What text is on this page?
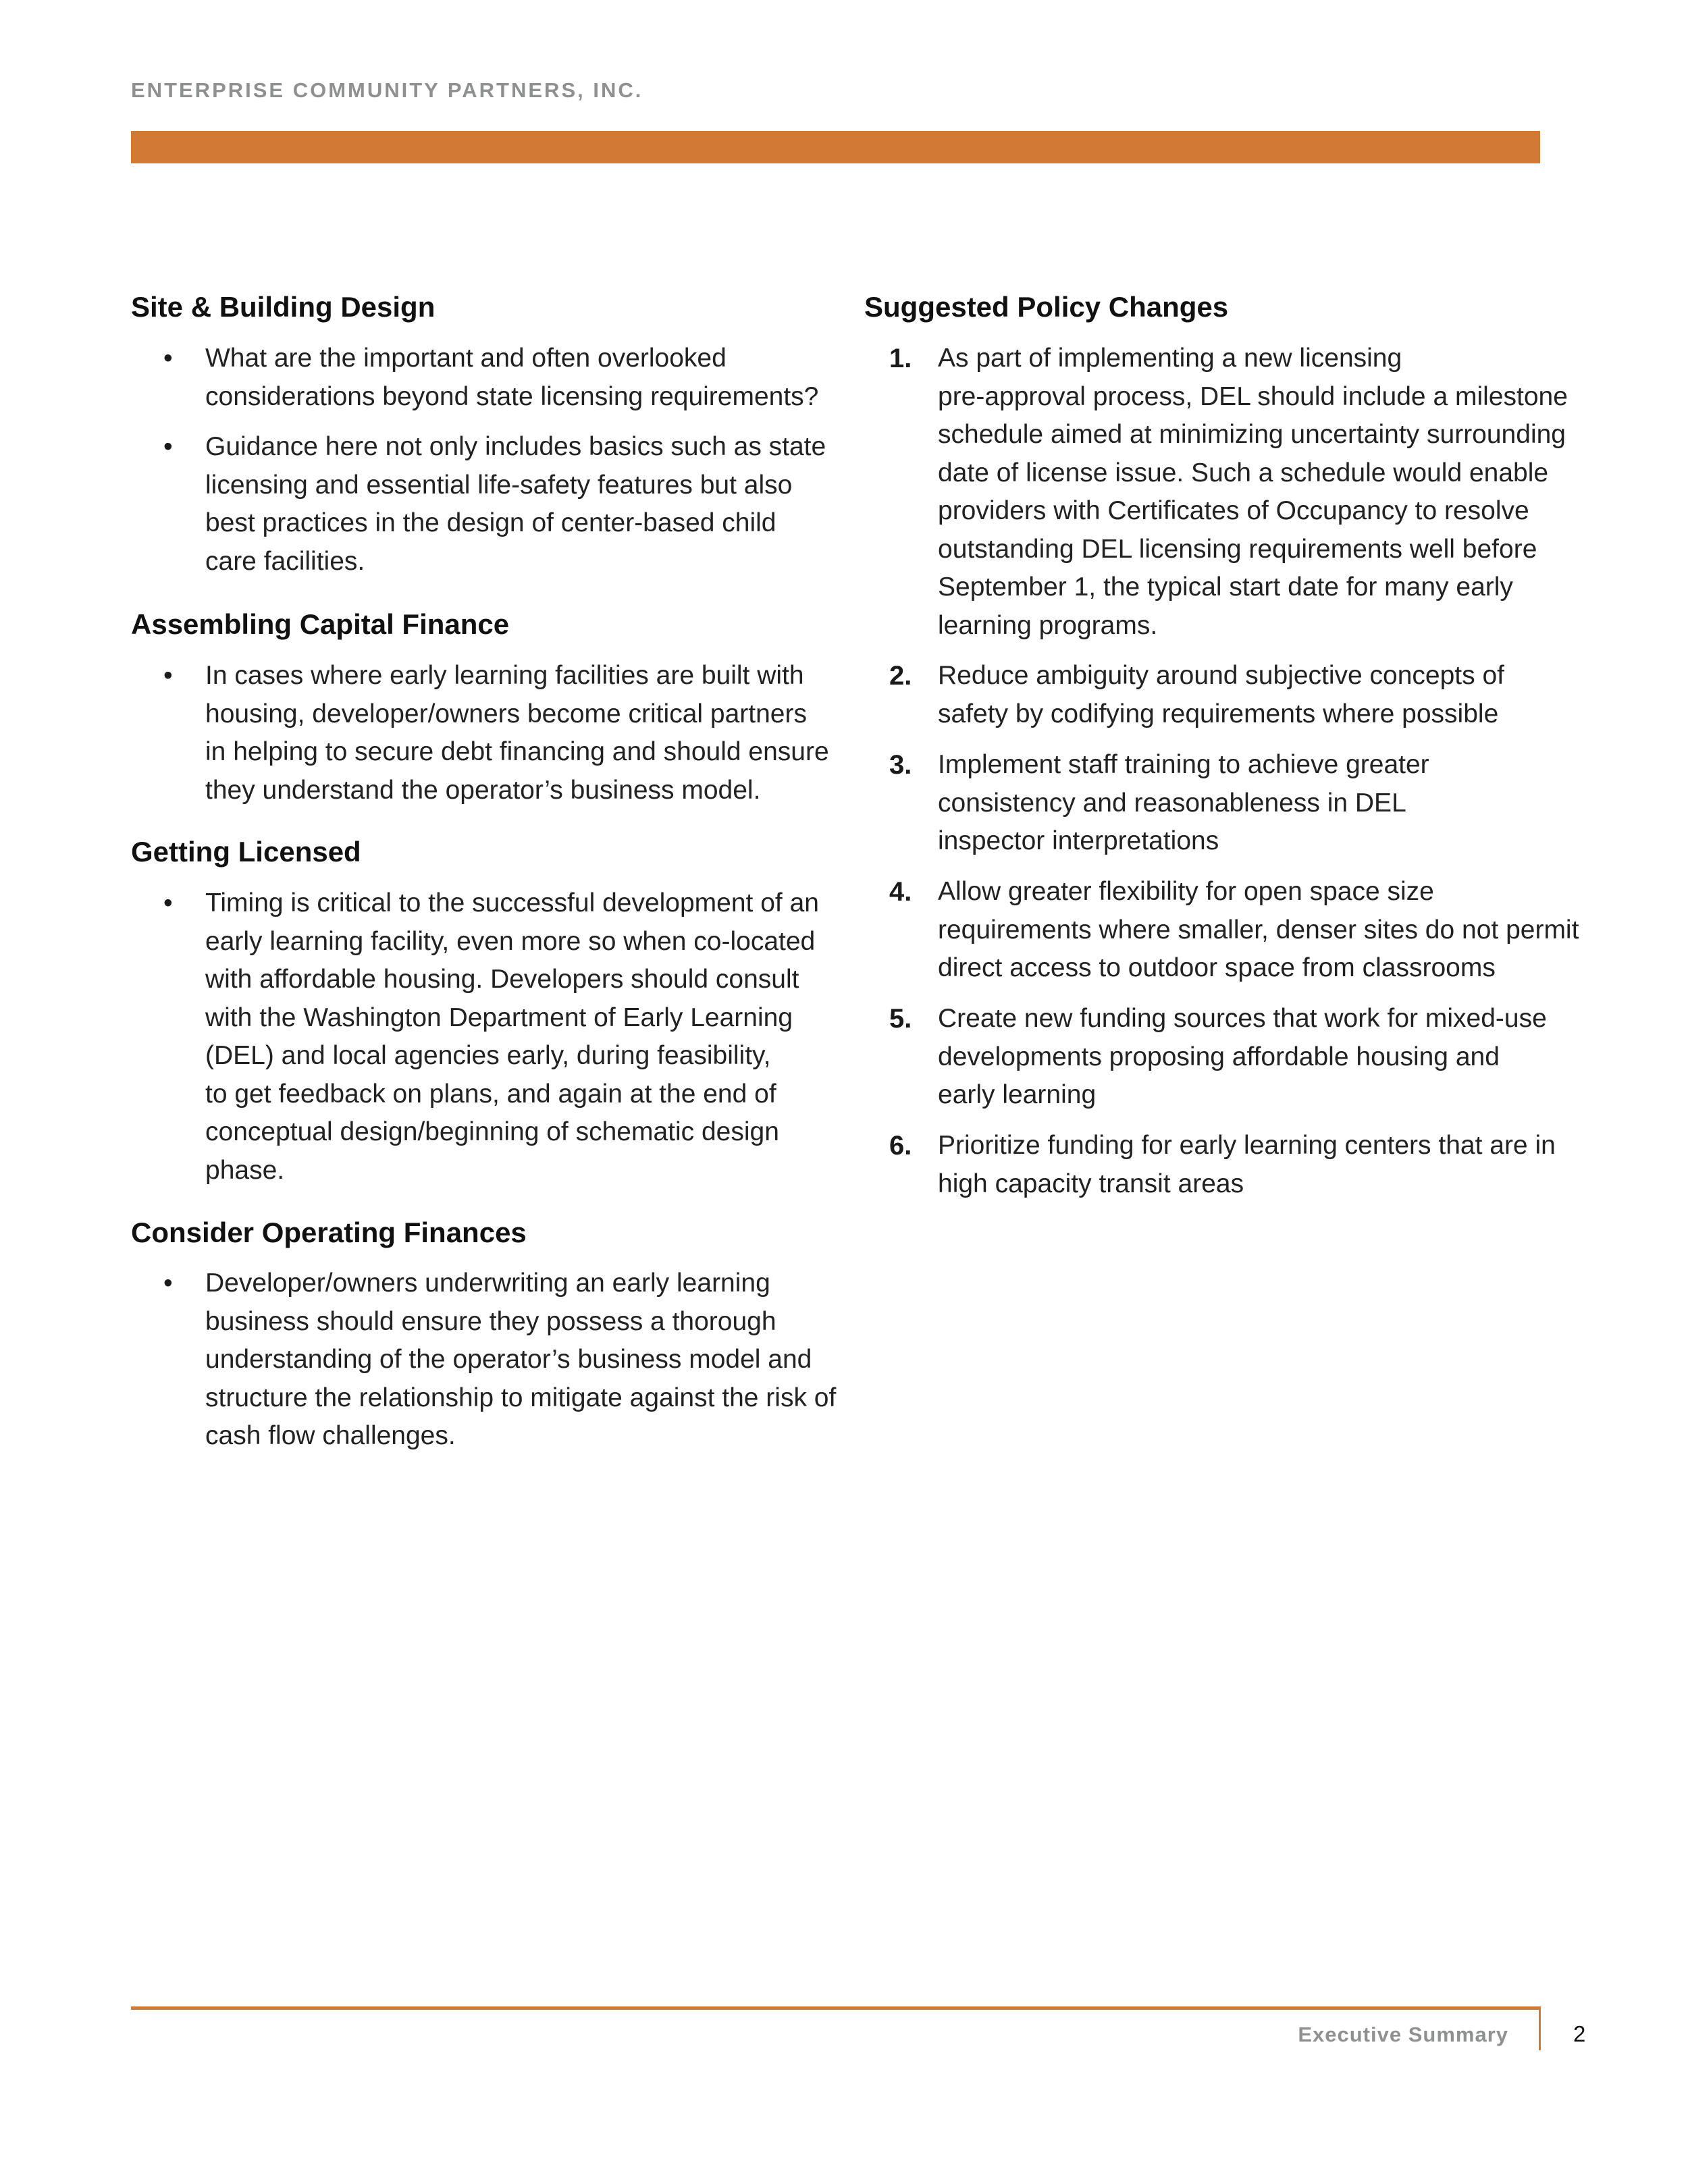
ENTERPRISE COMMUNITY PARTNERS, INC.
Site & Building Design
• What are the important and often overlooked
considerations beyond state licensing requirements?
• Guidance here not only includes basics such as state
licensing and essential life-safety features but also
best practices in the design of center-based child
care facilities.
Assembling Capital Finance
• In cases where early learning facilities are built with
housing, developer/owners become critical partners
in helping to secure debt financing and should ensure
they understand the operator’s business model.
Getting Licensed
• Timing is critical to the successful development of an
early learning facility, even more so when co-located
with affordable housing. Developers should consult
with the Washington Department of Early Learning
(DEL) and local agencies early, during feasibility,
to get feedback on plans, and again at the end of
conceptual design/beginning of schematic design
phase.
Consider Operating Finances
• Developer/owners underwriting an early learning
business should ensure they possess a thorough
understanding of the operator’s business model and
structure the relationship to mitigate against the risk of
cash flow challenges.
Suggested Policy Changes
1. As part of implementing a new licensing
pre-approval process, DEL should include a milestone
schedule aimed at minimizing uncertainty surrounding
date of license issue. Such a schedule would enable
providers with Certificates of Occupancy to resolve
outstanding DEL licensing requirements well before
September 1, the typical start date for many early
learning programs.
2. Reduce ambiguity around subjective concepts of
safety by codifying requirements where possible
3. Implement staff training to achieve greater
consistency and reasonableness in DEL
inspector interpretations
4. Allow greater flexibility for open space size
requirements where smaller, denser sites do not permit
direct access to outdoor space from classrooms
5. Create new funding sources that work for mixed-use
developments proposing affordable housing and
early learning
6. Prioritize funding for early learning centers that are in
high capacity transit areas
Executive Summary	2
